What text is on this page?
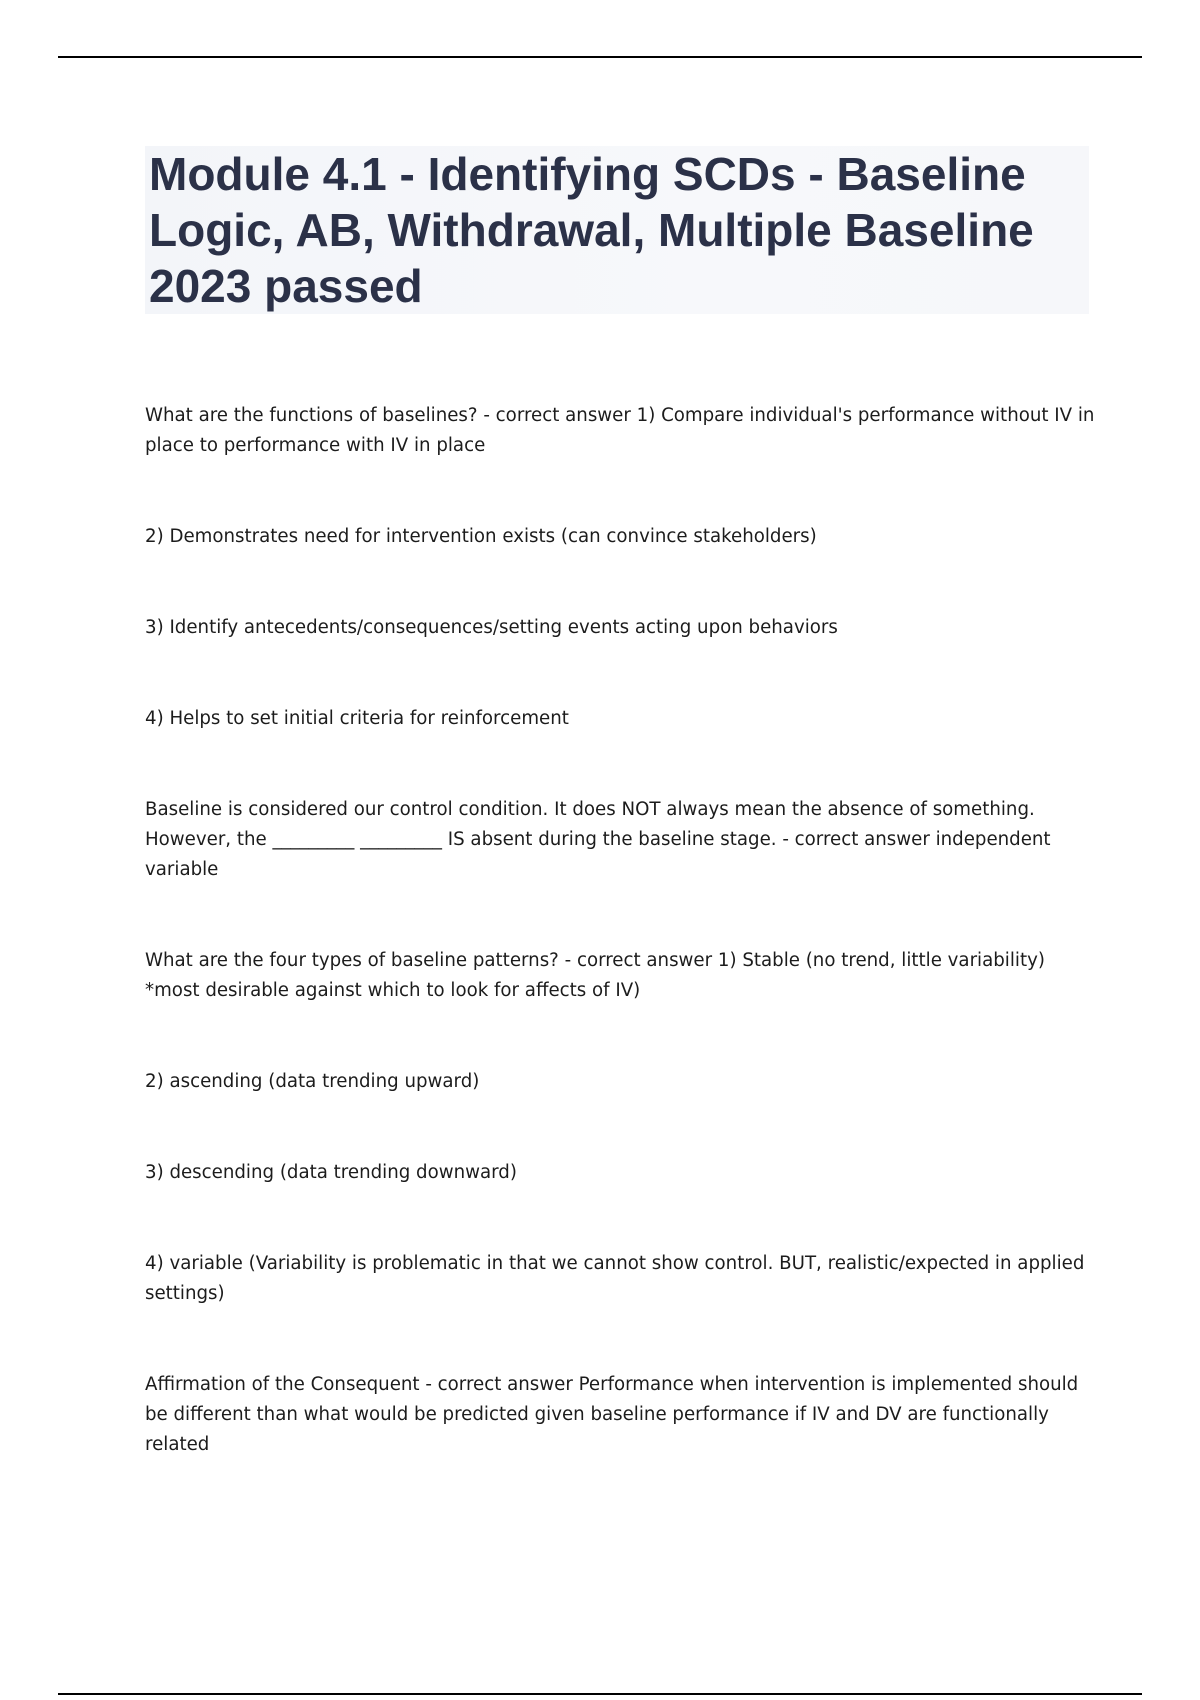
Module 4.1 - Identifying SCDs - Baseline Logic, AB, Withdrawal, Multiple Baseline 2023 passed

What are the functions of baselines? - correct answer 1) Compare individual's performance without IV in place to performance with IV in place

2) Demonstrates need for intervention exists (can convince stakeholders)

3) Identify antecedents/consequences/setting events acting upon behaviors

4) Helps to set initial criteria for reinforcement

Baseline is considered our control condition. It does NOT always mean the absence of something. However, the _________ _________ IS absent during the baseline stage. - correct answer independent variable

What are the four types of baseline patterns? - correct answer 1) Stable (no trend, little variability) *most desirable against which to look for affects of IV)

2) ascending (data trending upward)

3) descending (data trending downward)

4) variable (Variability is problematic in that we cannot show control. BUT, realistic/expected in applied settings)

Affirmation of the Consequent - correct answer Performance when intervention is implemented should be different than what would be predicted given baseline performance if IV and DV are functionally related
